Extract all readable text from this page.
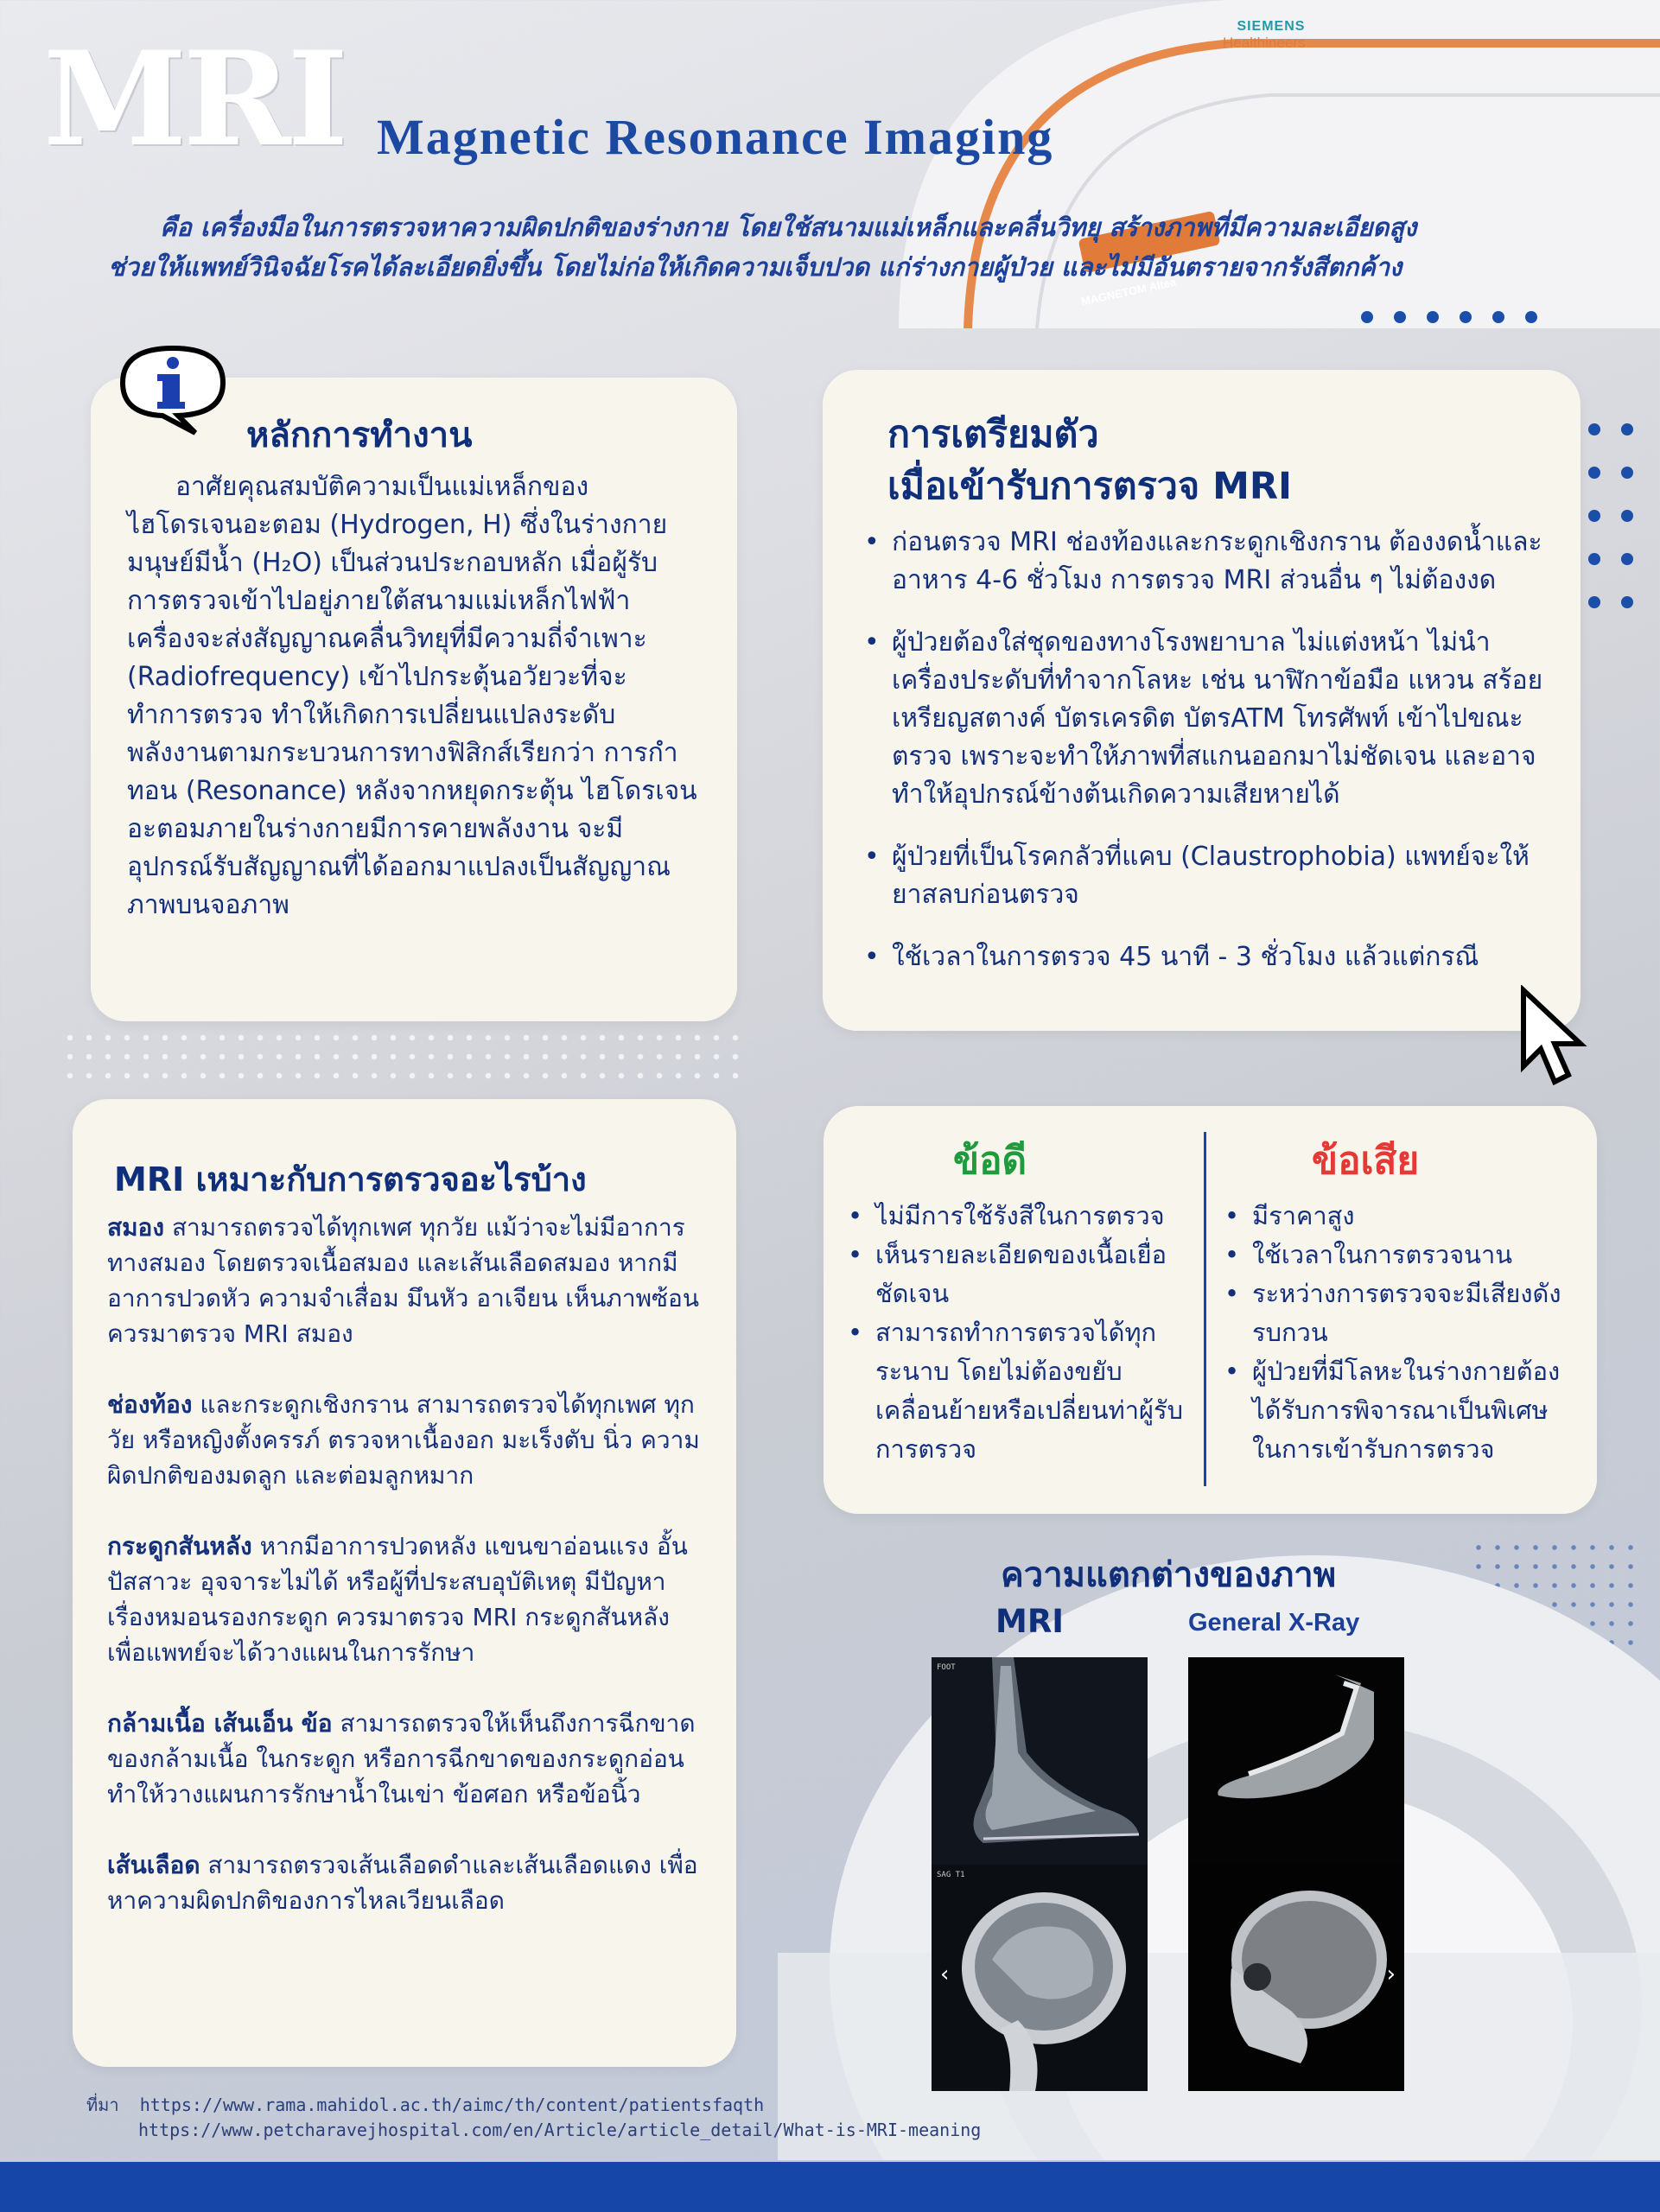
SIEMENS
Healthineers
MAGNETOM Altea
MRI Magnetic Resonance Imaging
คือ เครื่องมือในการตรวจหาความผิดปกติของร่างกาย โดยใช้สนามแม่เหล็กและคลื่นวิทยุ สร้างภาพที่มีความละเอียดสูง ช่วยให้แพทย์วินิจฉัยโรคได้ละเอียดยิ่งขึ้น โดยไม่ก่อให้เกิดความเจ็บปวด แก่ร่างกายผู้ป่วย และไม่มีอันตรายจากรังสีตกค้าง
หลักการทำงาน
อาศัยคุณสมบัติความเป็นแม่เหล็กของไฮโดรเจนอะตอม (Hydrogen, H) ซึ่งในร่างกายมนุษย์มีน้ำ (H₂O) เป็นส่วนประกอบหลัก เมื่อผู้รับการตรวจเข้าไปอยู่ภายใต้สนามแม่เหล็กไฟฟ้า เครื่องจะส่งสัญญาณคลื่นวิทยุที่มีความถี่จำเพาะ (Radiofrequency) เข้าไปกระตุ้นอวัยวะที่จะทำการตรวจ ทำให้เกิดการเปลี่ยนแปลงระดับพลังงานตามกระบวนการทางฟิสิกส์เรียกว่า การกำทอน (Resonance) หลังจากหยุดกระตุ้น ไฮโดรเจนอะตอมภายในร่างกายมีการคายพลังงาน จะมีอุปกรณ์รับสัญญาณที่ได้ออกมาแปลงเป็นสัญญาณภาพบนจอภาพ
การเตรียมตัว
เมื่อเข้ารับการตรวจ MRI
• ก่อนตรวจ MRI ช่องท้องและกระดูกเชิงกราน ต้องงดน้ำและอาหาร 4-6 ชั่วโมง การตรวจ MRI ส่วนอื่น ๆ ไม่ต้องงด
• ผู้ป่วยต้องใส่ชุดของทางโรงพยาบาล ไม่แต่งหน้า ไม่นำเครื่องประดับที่ทำจากโลหะ เช่น นาฬิกาข้อมือ แหวน สร้อย เหรียญสตางค์ บัตรเครดิต บัตรATM โทรศัพท์ เข้าไปขณะตรวจ เพราะจะทำให้ภาพที่สแกนออกมาไม่ชัดเจน และอาจทำให้อุปกรณ์ข้างต้นเกิดความเสียหายได้
• ผู้ป่วยที่เป็นโรคกลัวที่แคบ (Claustrophobia) แพทย์จะให้ยาสลบก่อนตรวจ
• ใช้เวลาในการตรวจ 45 นาที - 3 ชั่วโมง แล้วแต่กรณี
MRI เหมาะกับการตรวจอะไรบ้าง

สมอง สามารถตรวจได้ทุกเพศ ทุกวัย แม้ว่าจะไม่มีอาการทางสมอง โดยตรวจเนื้อสมอง และเส้นเลือดสมอง หากมีอาการปวดหัว ความจำเสื่อม มึนหัว อาเจียน เห็นภาพซ้อน ควรมาตรวจ MRI สมอง

ช่องท้อง และกระดูกเชิงกราน สามารถตรวจได้ทุกเพศ ทุกวัย หรือหญิงตั้งครรภ์ ตรวจหาเนื้องอก มะเร็งตับ นิ่ว ความผิดปกติของมดลูก และต่อมลูกหมาก

กระดูกสันหลัง หากมีอาการปวดหลัง แขนขาอ่อนแรง อั้นปัสสาวะ อุจจาระไม่ได้ หรือผู้ที่ประสบอุบัติเหตุ มีปัญหาเรื่องหมอนรองกระดูก ควรมาตรวจ MRI กระดูกสันหลัง เพื่อแพทย์จะได้วางแผนในการรักษา

กล้ามเนื้อ เส้นเอ็น ข้อ สามารถตรวจให้เห็นถึงการฉีกขาดของกล้ามเนื้อ ในกระดูก หรือการฉีกขาดของกระดูกอ่อน ทำให้วางแผนการรักษาน้ำในเข่า ข้อศอก หรือข้อนิ้ว

เส้นเลือด สามารถตรวจเส้นเลือดดำและเส้นเลือดแดง เพื่อหาความผิดปกติของการไหลเวียนเลือด

ข้อดี	ข้อเสีย
• ไม่มีการใช้รังสีในการตรวจ
• เห็นรายละเอียดของเนื้อเยื่อชัดเจน
• สามารถทำการตรวจได้ทุกระนาบ โดยไม่ต้องขยับเคลื่อนย้ายหรือเปลี่ยนท่าผู้รับการตรวจ
• มีราคาสูง
• ใช้เวลาในการตรวจนาน
• ระหว่างการตรวจจะมีเสียงดังรบกวน
• ผู้ป่วยที่มีโลหะในร่างกายต้องได้รับการพิจารณาเป็นพิเศษในการเข้ารับการตรวจ
ความแตกต่างของภาพ
MRI	General X-Ray
FOOT
SAG T1
‹	›
ที่มา https://www.rama.mahidol.ac.th/aimc/th/content/patientsfaqth
https://www.petcharavejhospital.com/en/Article/article_detail/What-is-MRI-meaning
